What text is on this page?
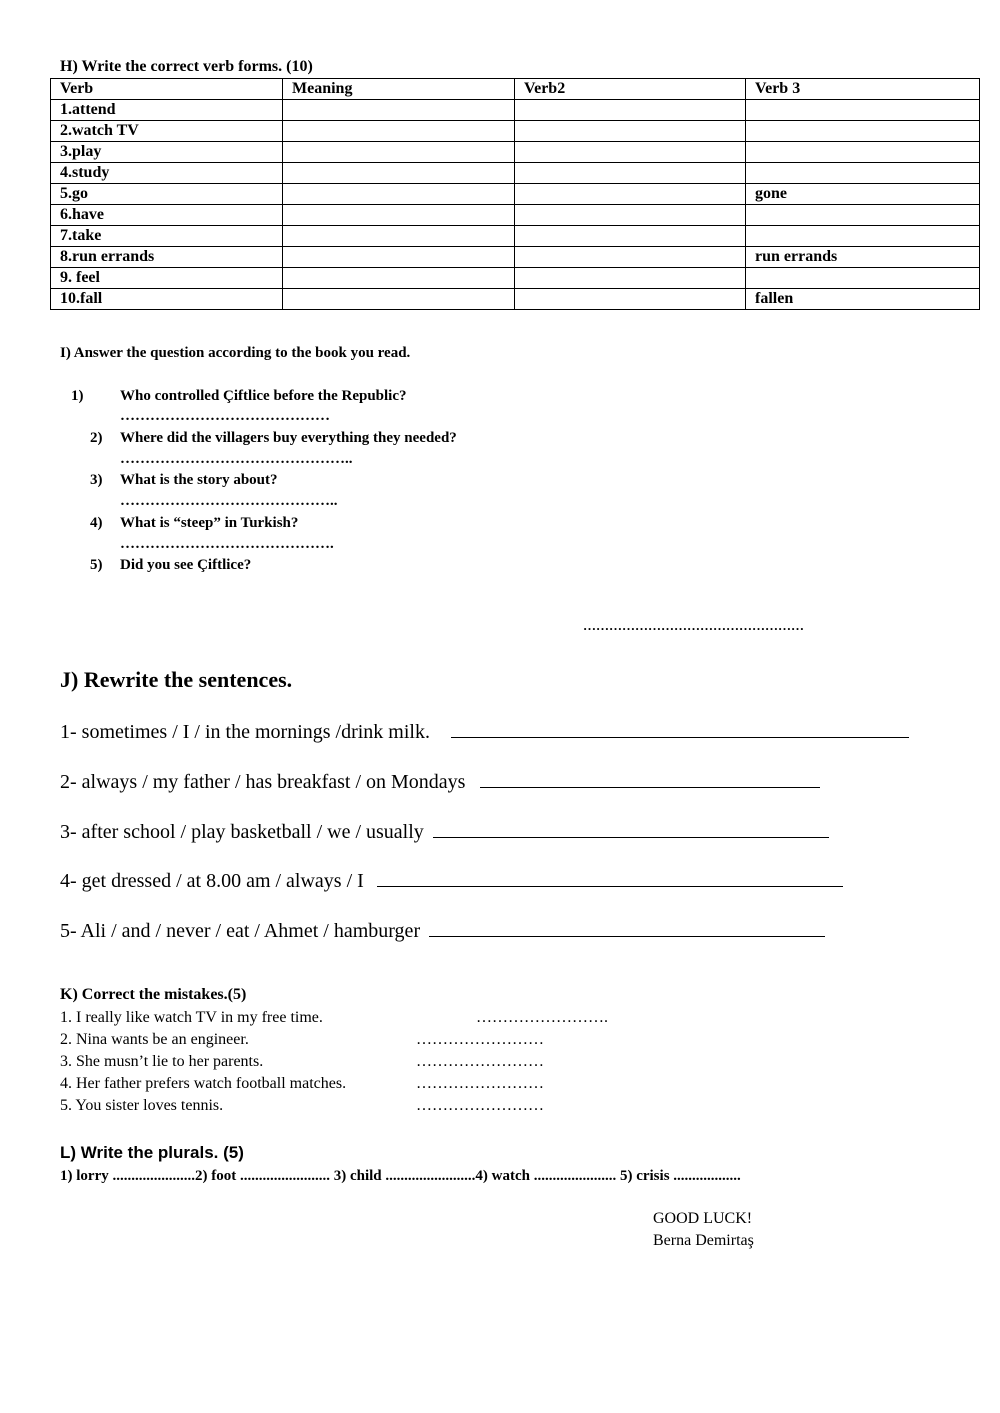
H) Write the correct verb forms. (10)
Verb	Meaning	Verb2	Verb 3
1.attend			
2.watch TV			
3.play			
4.study			
5.go			gone
6.have			
7.take			
8.run errands			run errands
9. feel			
10.fall			fallen
I) Answer the question according to the book you read.
1) Who controlled Çiftlice before the Republic?
……………………………………
2) Where did the villagers buy everything they needed?
………………………………………..
3) What is the story about?
……………………………………..
4) What is “steep” in Turkish?
…………………………………….
5) Did you see Çiftlice?
……………………………………………
J) Rewrite the sentences.
1- sometimes / I / in the mornings /drink milk.
2- always / my father / has breakfast / on Mondays
3- after school / play basketball / we / usually
4- get dressed / at 8.00 am / always / I
5- Ali / and / never / eat / Ahmet / hamburger
K) Correct the mistakes.(5)
1. I really like watch TV in my free time.	…………………….
2. Nina wants be an engineer.	……………………
3. She musn’t lie to her parents.	……………………
4. Her father prefers watch football matches.	……………………
5. You sister loves tennis.	……………………
L) Write the plurals. (5)
1) lorry ......................2) foot ........................ 3) child ........................4) watch ...................... 5) crisis ..................
GOOD LUCK!
Berna Demirtaş
